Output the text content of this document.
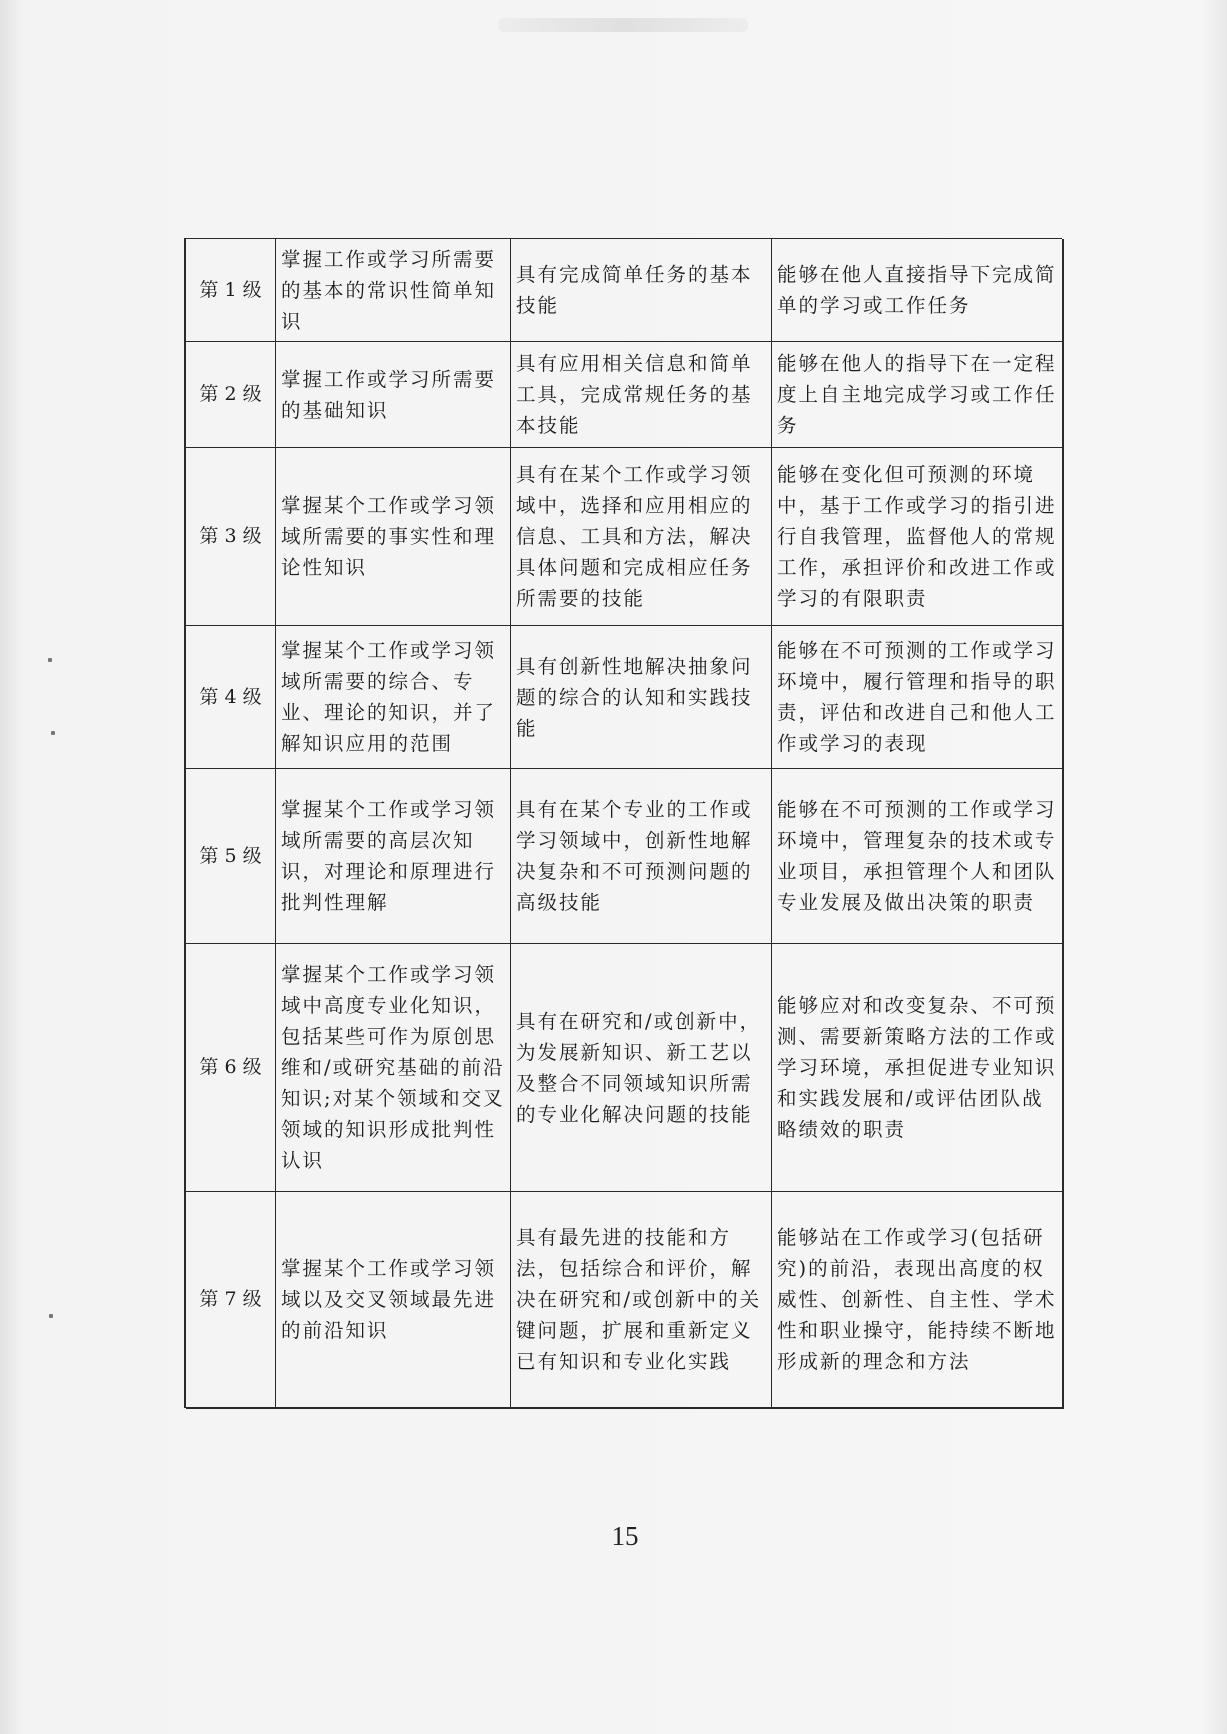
第 1 级
掌握工作或学习所需要的基本的常识性简单知识
具有完成简单任务的基本技能
能够在他人直接指导下完成简单的学习或工作任务
第 2 级
掌握工作或学习所需要的基础知识
具有应用相关信息和简单工具，完成常规任务的基本技能
能够在他人的指导下在一定程度上自主地完成学习或工作任务
第 3 级
掌握某个工作或学习领域所需要的事实性和理论性知识
具有在某个工作或学习领域中，选择和应用相应的信息、工具和方法，解决具体问题和完成相应任务所需要的技能
能够在变化但可预测的环境中，基于工作或学习的指引进行自我管理，监督他人的常规工作，承担评价和改进工作或学习的有限职责
第 4 级
掌握某个工作或学习领域所需要的综合、专业、理论的知识，并了解知识应用的范围
具有创新性地解决抽象问题的综合的认知和实践技能
能够在不可预测的工作或学习环境中，履行管理和指导的职责，评估和改进自己和他人工作或学习的表现
第 5 级
掌握某个工作或学习领域所需要的高层次知识，对理论和原理进行批判性理解
具有在某个专业的工作或学习领域中，创新性地解决复杂和不可预测问题的高级技能
能够在不可预测的工作或学习环境中，管理复杂的技术或专业项目，承担管理个人和团队专业发展及做出决策的职责
第 6 级
掌握某个工作或学习领域中高度专业化知识，包括某些可作为原创思维和/或研究基础的前沿知识;对某个领域和交叉领域的知识形成批判性认识
具有在研究和/或创新中，为发展新知识、新工艺以及整合不同领域知识所需的专业化解决问题的技能
能够应对和改变复杂、不可预测、需要新策略方法的工作或学习环境，承担促进专业知识和实践发展和/或评估团队战略绩效的职责
第 7 级
掌握某个工作或学习领域以及交叉领域最先进的前沿知识
具有最先进的技能和方法，包括综合和评价，解决在研究和/或创新中的关键问题，扩展和重新定义已有知识和专业化实践
能够站在工作或学习(包括研究)的前沿，表现出高度的权威性、创新性、自主性、学术性和职业操守，能持续不断地形成新的理念和方法
15
